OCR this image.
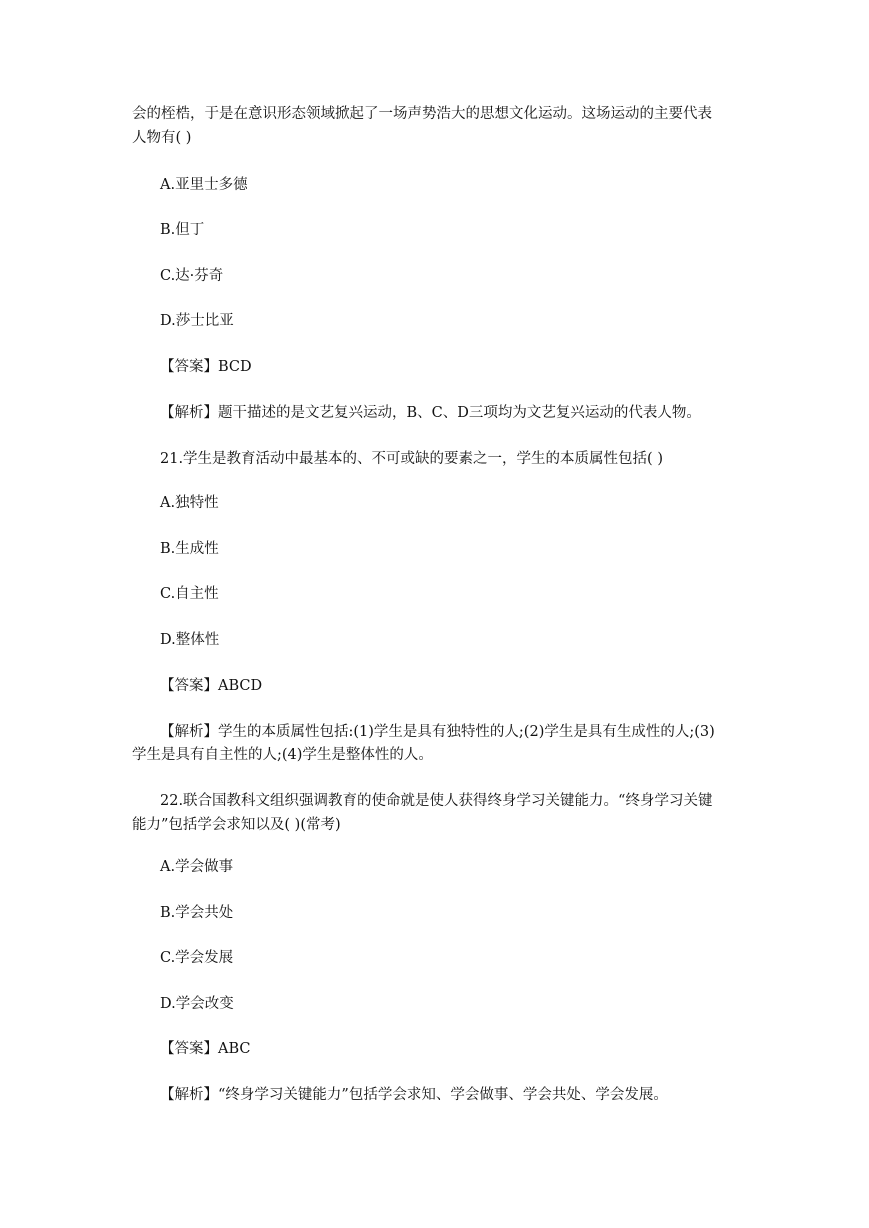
会的桎梏，于是在意识形态领域掀起了一场声势浩大的思想文化运动。这场运动的主要代表
人物有( )
A.亚里士多德
B.但丁
C.达·芬奇
D.莎士比亚
【答案】BCD
【解析】题干描述的是文艺复兴运动，B、C、D三项均为文艺复兴运动的代表人物。
21.学生是教育活动中最基本的、不可或缺的要素之一，学生的本质属性包括( )
A.独特性
B.生成性
C.自主性
D.整体性
【答案】ABCD
【解析】学生的本质属性包括:(1)学生是具有独特性的人;(2)学生是具有生成性的人;(3)
学生是具有自主性的人;(4)学生是整体性的人。
22.联合国教科文组织强调教育的使命就是使人获得终身学习关键能力。“终身学习关键
能力”包括学会求知以及( )(常考)
A.学会做事
B.学会共处
C.学会发展
D.学会改变
【答案】ABC
【解析】“终身学习关键能力”包括学会求知、学会做事、学会共处、学会发展。
